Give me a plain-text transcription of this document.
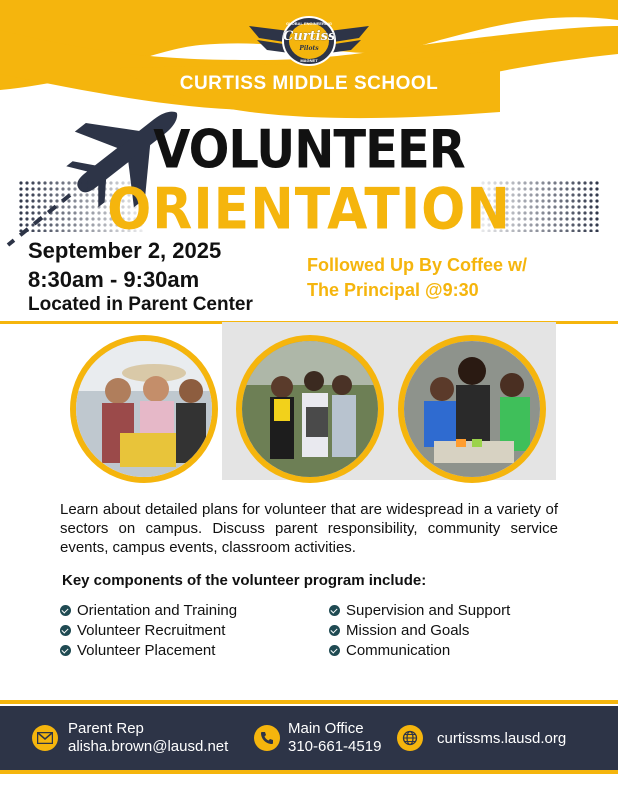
GLOBAL ENGINEERING
Curtiss
Pilots
MAGNET
CURTISS MIDDLE SCHOOL
VOLUNTEER
ORIENTATION
September 2, 2025
8:30am - 9:30am
Located in Parent Center
Followed Up By Coffee w/
The Principal @9:30
Learn about detailed plans for volunteer that are widespread in a variety of sectors on campus. Discuss parent responsibility, community service events, campus events, classroom activities.
Key components of the volunteer program include:
Orientation and Training
Volunteer Recruitment
Volunteer Placement
Supervision and Support
Mission and Goals
Communication
Parent Rep
alisha.brown@lausd.net
Main Office
310-661-4519	curtissms.lausd.org
